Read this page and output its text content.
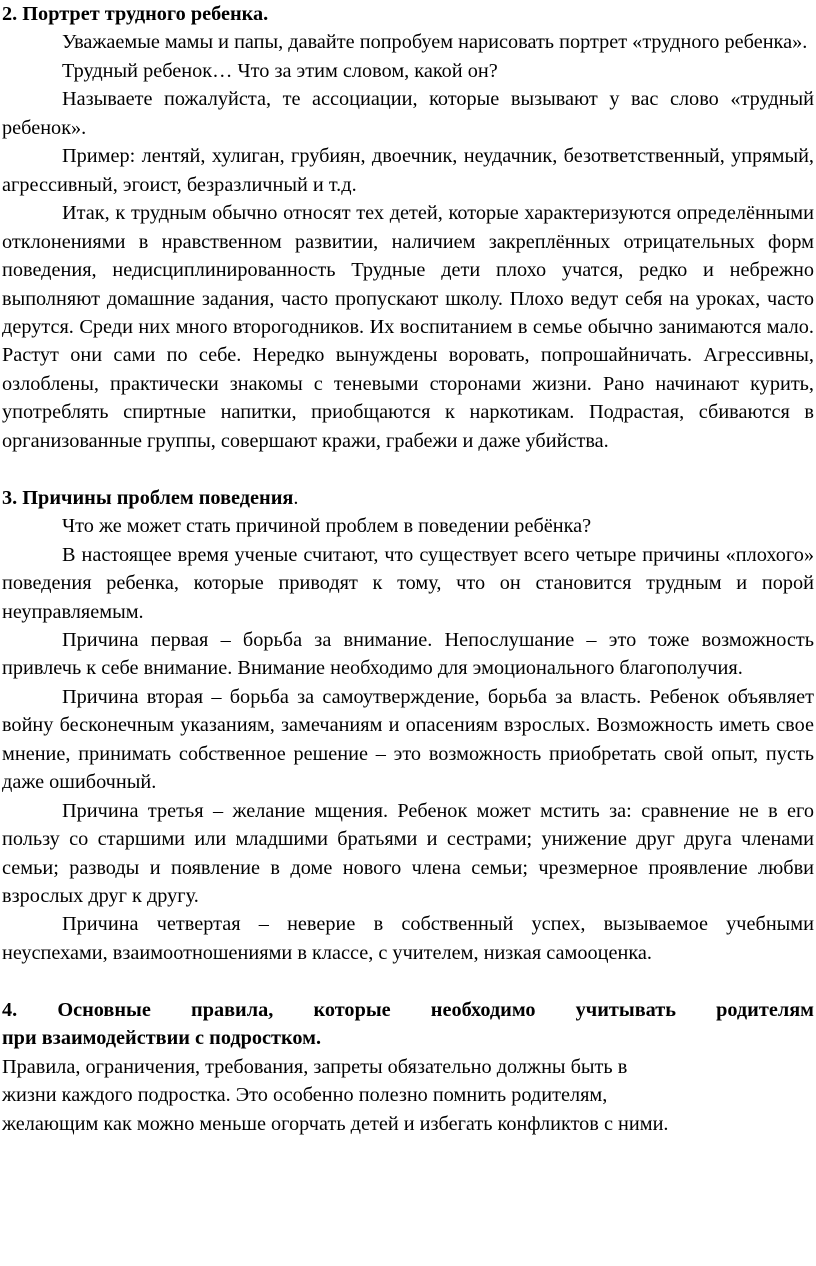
2. Портрет трудного ребенка.

Уважаемые мамы и папы, давайте попробуем нарисовать портрет «трудного ребенка».

Трудный ребенок… Что за этим словом, какой он?

Называете пожалуйста, те ассоциации, которые вызывают у вас слово «трудный ребенок».

Пример: лентяй, хулиган, грубиян, двоечник, неудачник, безответственный, упрямый, агрессивный, эгоист, безразличный и т.д.

Итак, к трудным обычно относят тех детей, которые характеризуются определёнными отклонениями в нравственном развитии, наличием закреплённых отрицательных форм поведения, недисциплинированность Трудные дети плохо учатся, редко и небрежно выполняют домашние задания, часто пропускают школу. Плохо ведут себя на уроках, часто дерутся. Среди них много второгодников. Их воспитанием в семье обычно занимаются мало. Растут они сами по себе. Нередко вынуждены воровать, попрошайничать. Агрессивны, озлоблены, практически знакомы с теневыми сторонами жизни. Рано начинают курить, употреблять спиртные напитки, приобщаются к наркотикам. Подрастая, сбиваются в организованные группы, совершают кражи, грабежи и даже убийства.

3. Причины проблем поведения.

Что же может стать причиной проблем в поведении ребёнка?

В настоящее время ученые считают, что существует всего четыре причины «плохого» поведения ребенка, которые приводят к тому, что он становится трудным и порой неуправляемым.

Причина первая – борьба за внимание. Непослушание – это тоже возможность привлечь к себе внимание. Внимание необходимо для эмоционального благополучия.

Причина вторая – борьба за самоутверждение, борьба за власть. Ребенок объявляет войну бесконечным указаниям, замечаниям и опасениям взрослых. Возможность иметь свое мнение, принимать собственное решение – это возможность приобретать свой опыт, пусть даже ошибочный.

Причина третья – желание мщения. Ребенок может мстить за: сравнение не в его пользу со старшими или младшими братьями и сестрами; унижение друг друга членами семьи; разводы и появление в доме нового члена семьи; чрезмерное проявление любви взрослых друг к другу.

Причина четвертая – неверие в собственный успех, вызываемое учебными неуспехами, взаимоотношениями в классе, с учителем, низкая самооценка.

4. Основные правила, которые необходимо учитывать родителям

при взаимодействии с подростком.

Правила, ограничения, требования, запреты обязательно должны быть в

жизни каждого подростка. Это особенно полезно помнить родителям,

желающим как можно меньше огорчать детей и избегать конфликтов с ними.
